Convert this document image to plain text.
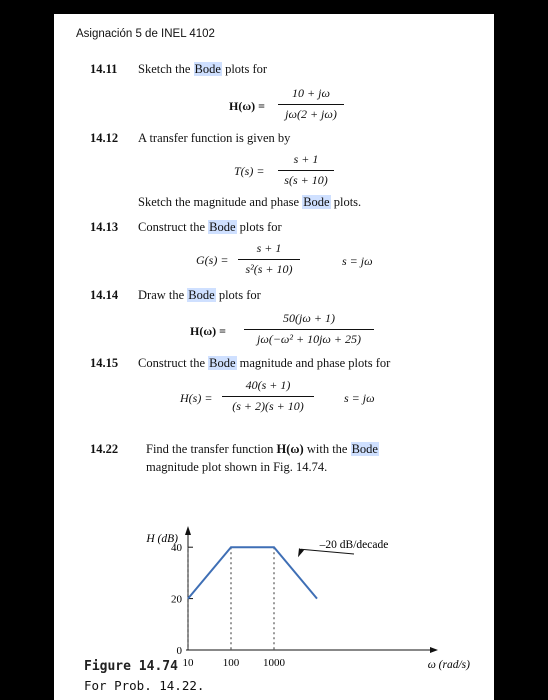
Asignación 5 de INEL 4102
14.11 Sketch the Bode plots for
H(ω) =
10 + jω
jω(2 + jω)
14.12 A transfer function is given by
T(s) =
s + 1
s(s + 10)
Sketch the magnitude and phase Bode plots.
14.13 Construct the Bode plots for
G(s) =
s + 1
s²(s + 10)
s = jω
14.14 Draw the Bode plots for
H(ω) =
50(jω + 1)
jω(−ω² + 10jω + 25)
14.15 Construct the Bode magnitude and phase plots for
H(s) =
40(s + 1)
(s + 2)(s + 10)
s = jω
14.22 Find the transfer function H(ω) with the Bode
magnitude plot shown in Fig. 14.74.
0
20
40
10	100 1000
H (dB)
ω (rad/s)
–20 dB/decade
Figure 14.74
For Prob. 14.22.
